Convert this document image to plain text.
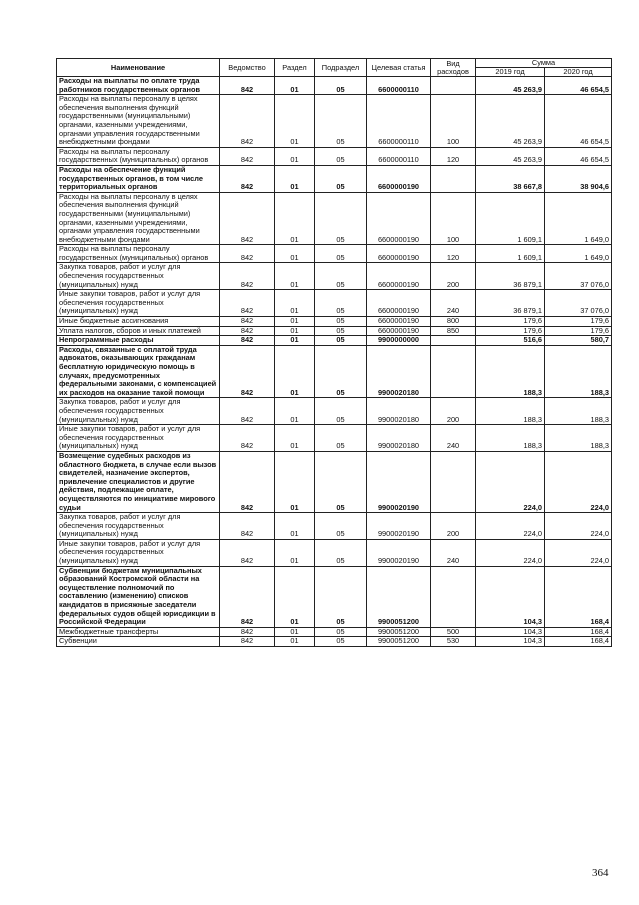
Наименование	Ведомство	Раздел	Подраздел	Целевая статья	Вид расходов	Сумма	
						2019 год	2020 год
Расходы на выплаты по оплате труда работников государственных органов	842	01	05	6600000110		45 263,9	46 654,5
Расходы на выплаты персоналу в целях обеспечения выполнения функций государственными (муниципальными) органами, казенными учреждениями, органами управления государственными внебюджетными фондами	842	01	05	6600000110	100	45 263,9	46 654,5
Расходы на выплаты персоналу государственных (муниципальных) органов	842	01	05	6600000110	120	45 263,9	46 654,5
Расходы на обеспечение функций государственных органов, в том числе территориальных органов	842	01	05	6600000190		38 667,8	38 904,6
Расходы на выплаты персоналу в целях обеспечения выполнения функций государственными (муниципальными) органами, казенными учреждениями, органами управления государственными внебюджетными фондами	842	01	05	6600000190	100	1 609,1	1 649,0
Расходы на выплаты персоналу государственных (муниципальных) органов	842	01	05	6600000190	120	1 609,1	1 649,0
Закупка товаров, работ и услуг для обеспечения государственных (муниципальных) нужд	842	01	05	6600000190	200	36 879,1	37 076,0
Иные закупки товаров, работ и услуг для обеспечения государственных (муниципальных) нужд	842	01	05	6600000190	240	36 879,1	37 076,0
Иные бюджетные ассигнования	842	01	05	6600000190	800	179,6	179,6
Уплата налогов, сборов и иных платежей	842	01	05	6600000190	850	179,6	179,6
Непрограммные расходы	842	01	05	9900000000		516,6	580,7
Расходы, связанные с оплатой труда адвокатов, оказывающих гражданам бесплатную юридическую помощь в случаях, предусмотренных федеральными законами, с компенсацией их расходов на оказание такой помощи	842	01	05	9900020180		188,3	188,3
Закупка товаров, работ и услуг для обеспечения государственных (муниципальных) нужд	842	01	05	9900020180	200	188,3	188,3
Иные закупки товаров, работ и услуг для обеспечения государственных (муниципальных) нужд	842	01	05	9900020180	240	188,3	188,3
Возмещение судебных расходов из областного бюджета, в случае если вызов свидетелей, назначение экспертов, привлечение специалистов и другие действия, подлежащие оплате, осуществляются по инициативе мирового судьи	842	01	05	9900020190		224,0	224,0
Закупка товаров, работ и услуг для обеспечения государственных (муниципальных) нужд	842	01	05	9900020190	200	224,0	224,0
Иные закупки товаров, работ и услуг для обеспечения государственных (муниципальных) нужд	842	01	05	9900020190	240	224,0	224,0
Субвенции бюджетам муниципальных образований Костромской области на осуществление полномочий по составлению (изменению) списков кандидатов в присяжные заседатели федеральных судов общей юрисдикции в Российской Федерации	842	01	05	9900051200		104,3	168,4
Межбюджетные трансферты	842	01	05	9900051200	500	104,3	168,4
Субвенции	842	01	05	9900051200	530	104,3	168,4
364
